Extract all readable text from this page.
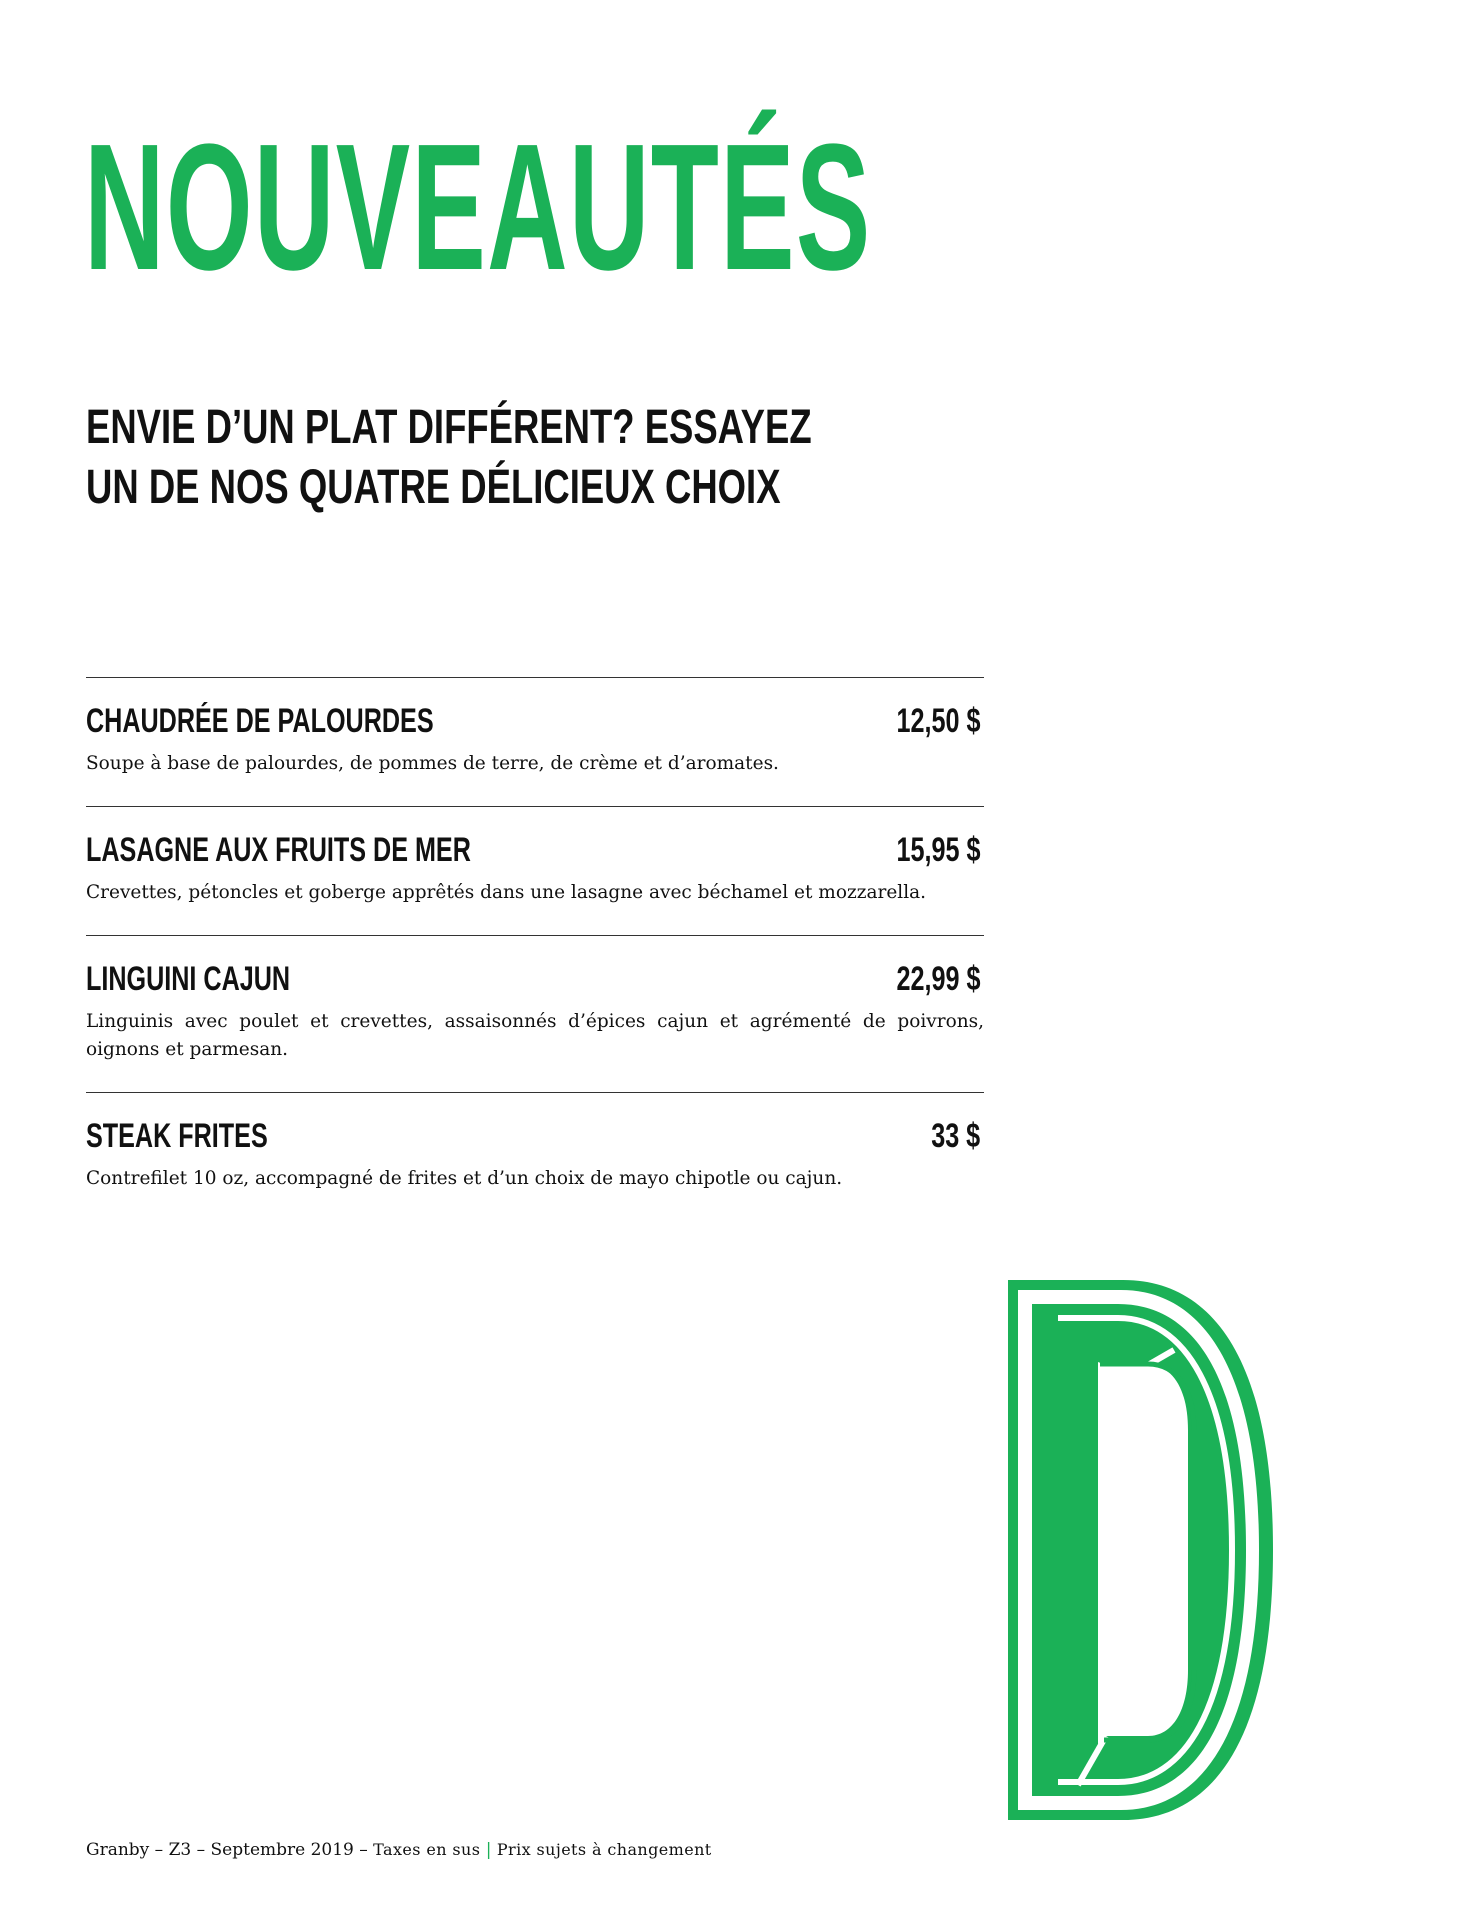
NOUVEAUTÉS
ENVIE D’UN PLAT DIFFÉRENT? ESSAYEZ UN DE NOS QUATRE DÉLICIEUX CHOIX
CHAUDRÉE DE PALOURDES	12,50 $
Soupe à base de palourdes, de pommes de terre, de crème et d’aromates.
LASAGNE AUX FRUITS DE MER	15,95 $
Crevettes, pétoncles et goberge apprêtés dans une lasagne avec béchamel et mozzarella.
LINGUINI CAJUN	22,99 $
Linguinis avec poulet et crevettes, assaisonnés d’épices cajun et agrémenté de poivrons, oignons et parmesan.
STEAK FRITES	33 $
Contrefilet 10 oz, accompagné de frites et d’un choix de mayo chipotle ou cajun.
Granby – Z3 – Septembre 2019 – Taxes en sus | Prix sujets à changement
